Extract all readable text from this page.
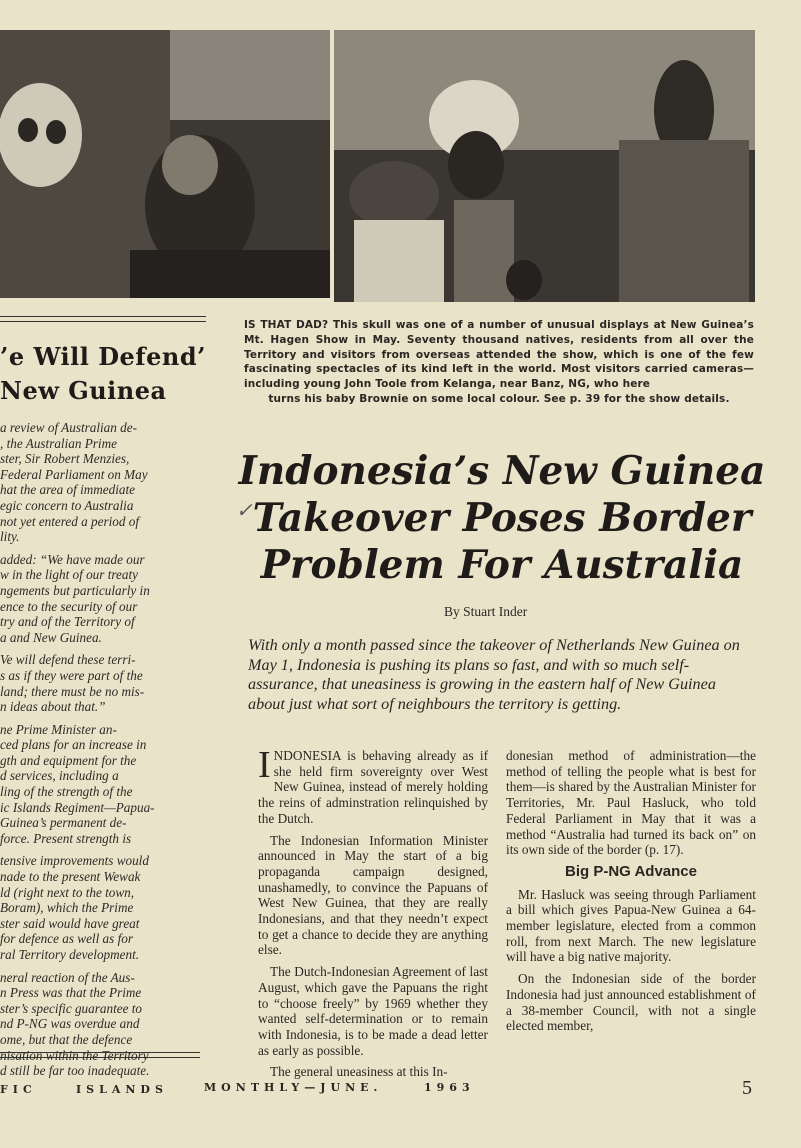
’e Will Defend’
New Guinea

a review of Australian de-
, the Australian Prime
ster, Sir Robert Menzies,
Federal Parliament on May
hat the area of immediate
egic concern to Australia
not yet entered a period of
lity.

added: “We have made our
w in the light of our treaty
ngements but particularly in
ence to the security of our
try and of the Territory of
a and New Guinea.

Ve will defend these terri-
s as if they were part of the
land; there must be no mis-
n ideas about that.”

ne Prime Minister an-
ced plans for an increase in
gth and equipment for the
d services, including a
ling of the strength of the
ic Islands Regiment—Papua-
Guinea’s permanent de-
force. Present strength is

tensive improvements would
nade to the present Wewak
ld (right next to the town,
Boram), which the Prime
ster said would have great
for defence as well as for
ral Territory development.

neral reaction of the Aus-
n Press was that the Prime
ster’s specific guarantee to
nd P-NG was overdue and
ome, but that the defence
nisation within the Territory
d still be far too inadequate.

IS THAT DAD? This skull was one of a number of unusual displays at New Guinea’s Mt. Hagen Show in May. Seventy thousand natives, residents from all over the Territory and visitors from overseas attended the show, which is one of the few fascinating spectacles of its kind left in the world. Most visitors carried cameras—including young John Toole from Kelanga, near Banz, NG, who here
turns his baby Brownie on some local colour. See p. 39 for the show details.
✓
Indonesia’s New Guinea
Takeover Poses Border
Problem For Australia
By Stuart Inder
With only a month passed since the takeover of Netherlands New Guinea on May 1, Indonesia is pushing its plans so fast, and with so much self-assurance, that uneasiness is growing in the eastern half of New Guinea about just what sort of neighbours the territory is getting.

INDONESIA is behaving already as if she held firm sovereignty over West New Guinea, instead of merely holding the reins of adminstration relinquished by the Dutch.

The Indonesian Information Minister announced in May the start of a big propaganda campaign designed, unashamedly, to convince the Papuans of West New Guinea, that they are really Indonesians, and that they needn’t expect to get a chance to decide they are anything else.

The Dutch-Indonesian Agreement of last August, which gave the Papuans the right to “choose freely” by 1969 whether they wanted self-determination or to remain with Indonesia, is to be made a dead letter as early as possible.

The general uneasiness at this In-

donesian method of administration—the method of telling the people what is best for them—is shared by the Australian Minister for Territories, Mr. Paul Hasluck, who told Federal Parliament in May that it was a method “Australia had turned its back on” on its own side of the border (p. 17).

Big P-NG Advance

Mr. Hasluck was seeing through Parliament a bill which gives Papua-New Guinea a 64-member legislature, elected from a common roll, from next March. The new legislature will have a big native majority.

On the Indonesian side of the border Indonesia had just announced establishment of a 38-member Council, with not a single elected member,

FIC	ISLANDS	MONTHLY—JUNE.	1963	5
